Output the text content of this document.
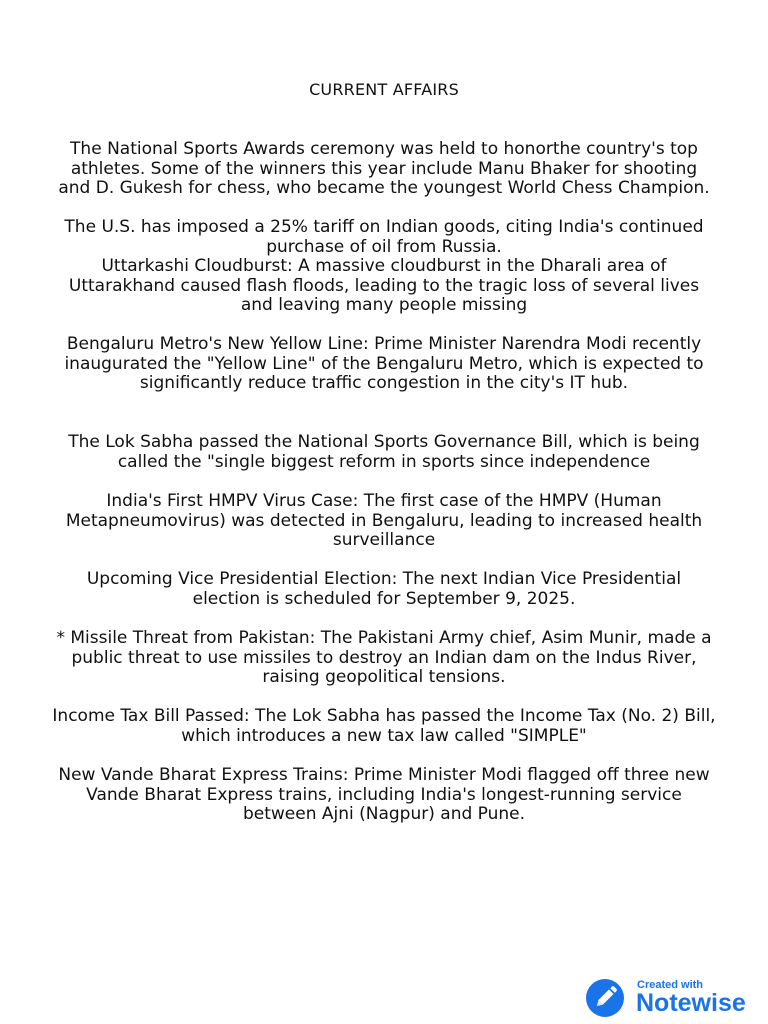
CURRENT AFFAIRS
The National Sports Awards ceremony was held to honorthe country's top
athletes. Some of the winners this year include Manu Bhaker for shooting
and D. Gukesh for chess, who became the youngest World Chess Champion.
The U.S. has imposed a 25% tariff on Indian goods, citing India's continued
purchase of oil from Russia.
Uttarkashi Cloudburst: A massive cloudburst in the Dharali area of
Uttarakhand caused flash floods, leading to the tragic loss of several lives
and leaving many people missing
Bengaluru Metro's New Yellow Line: Prime Minister Narendra Modi recently
inaugurated the "Yellow Line" of the Bengaluru Metro, which is expected to
significantly reduce traffic congestion in the city's IT hub.
The Lok Sabha passed the National Sports Governance Bill, which is being
called the "single biggest reform in sports since independence
India's First HMPV Virus Case: The first case of the HMPV (Human
Metapneumovirus) was detected in Bengaluru, leading to increased health
surveillance
Upcoming Vice Presidential Election: The next Indian Vice Presidential
election is scheduled for September 9, 2025.
* Missile Threat from Pakistan: The Pakistani Army chief, Asim Munir, made a
public threat to use missiles to destroy an Indian dam on the Indus River,
raising geopolitical tensions.
Income Tax Bill Passed: The Lok Sabha has passed the Income Tax (No. 2) Bill,
which introduces a new tax law called "SIMPLE"
New Vande Bharat Express Trains: Prime Minister Modi flagged off three new
Vande Bharat Express trains, including India's longest-running service
between Ajni (Nagpur) and Pune.
Created with
Notewise
